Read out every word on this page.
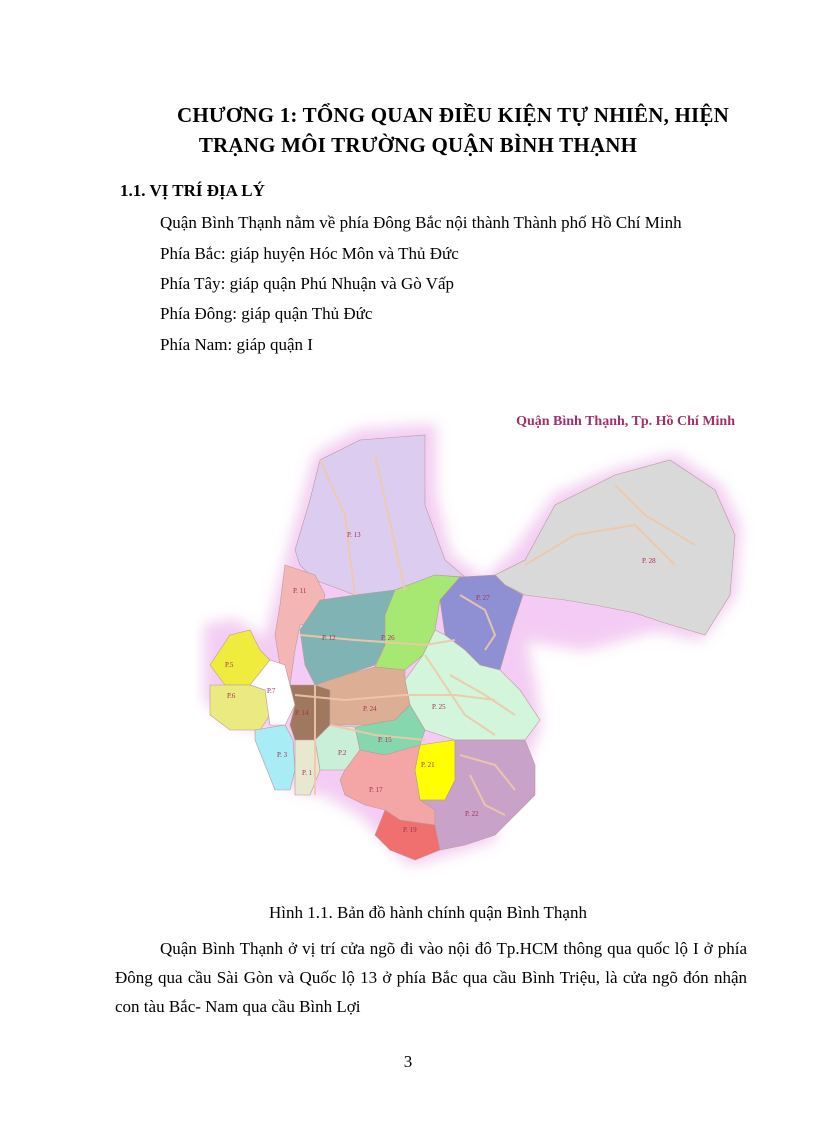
CHƯƠNG 1: TỔNG QUAN ĐIỀU KIỆN TỰ NHIÊN, HIỆN
TRẠNG MÔI TRƯỜNG QUẬN BÌNH THẠNH
1.1. VỊ TRÍ ĐỊA LÝ
Quận Bình Thạnh nằm về phía Đông Bắc nội thành Thành phố Hồ Chí Minh
Phía Bắc: giáp huyện Hóc Môn và Thủ Đức
Phía Tây: giáp quận Phú Nhuận và Gò Vấp
Phía Đông: giáp quận Thủ Đức
Phía Nam: giáp quận I
Quận Bình Thạnh, Tp. Hồ Chí Minh
P. 13
P. 11
P. 12	P. 26
P. 27
P. 28
P.5
P.6
P.7
P. 14	P. 24	P. 25
P. 3
P. 1
P.2
P. 15
P. 21
P. 17
P. 19
P. 22
Hình 1.1. Bản đồ hành chính quận Bình Thạnh
Quận Bình Thạnh ở vị trí cửa ngõ đi vào nội đô Tp.HCM thông qua quốc lộ I ở phía Đông qua cầu Sài Gòn và Quốc lộ 13 ở phía Bắc qua cầu Bình Triệu, là cửa ngõ đón nhận con tàu Bắc- Nam qua cầu Bình Lợi
3
